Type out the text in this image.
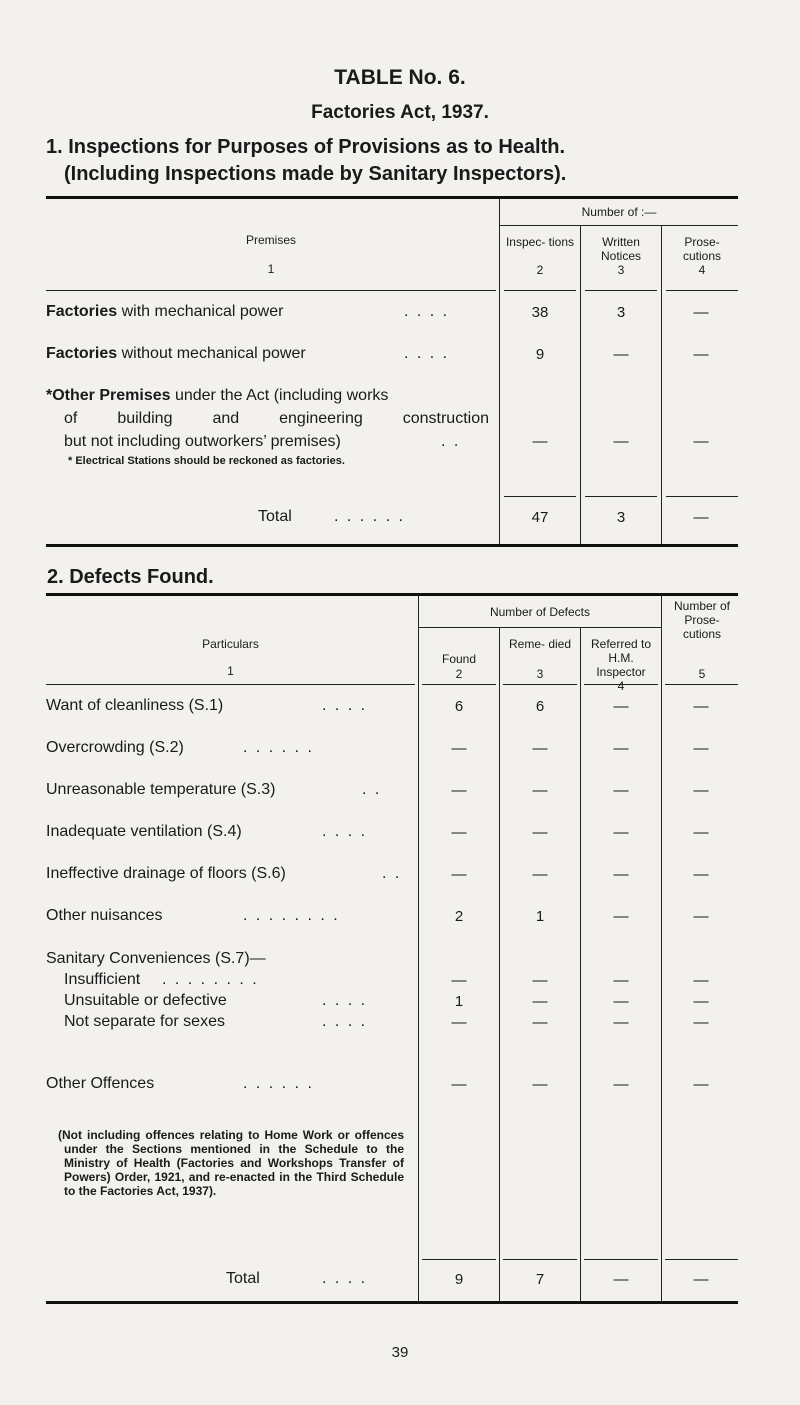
TABLE No. 6.
Factories Act, 1937.
1. Inspections for Purposes of Provisions as to Health.
(Including Inspections made by Sanitary Inspectors).
Premises
1
Number of :—
Inspec- tions
2
Written Notices
3
Prose- cutions
4
Factories with mechanical power	. . . .	38	3	—
Factories without mechanical power	. . . .	9	—	—
*Other Premises under the Act (including works
of building and engineering construction
but not including outworkers’ premises)	. .
* Electrical Stations should be reckoned as factories.
—	—	—
Total	. . . . . .	47	3	—
2. Defects Found.
Particulars
1
Number of Defects
Found
2
Reme- died
3
Referred to H.M. Inspector
4
Number of Prose- cutions
5
Want of cleanliness (S.1)	. . . .	6	6	—	—
Overcrowding (S.2)	. . . . . .	—	—	—	—
Unreasonable temperature (S.3)	. .	—	—	—	—
Inadequate ventilation (S.4)	. . . .	—	—	—	—
Ineffective drainage of floors (S.6)	. .	—	—	—	—
Other nuisances	. . . . . . . .	2	1	—	—
Sanitary Conveniences (S.7)—
Insufficient . . . . . . . .	—	—	—	—
Unsuitable or defective	. . . .	1	—	—	—
Not separate for sexes	. . . .	—	—	—	—
Other Offences	. . . . . .	—	—	—	—
(Not including offences relating to Home Work or offences under the Sections mentioned in the Schedule to the Ministry of Health (Factories and Workshops Transfer of Powers) Order, 1921, and re-enacted in the Third Schedule to the Factories Act, 1937).
Total	. . . .	9	7	—	—
39
